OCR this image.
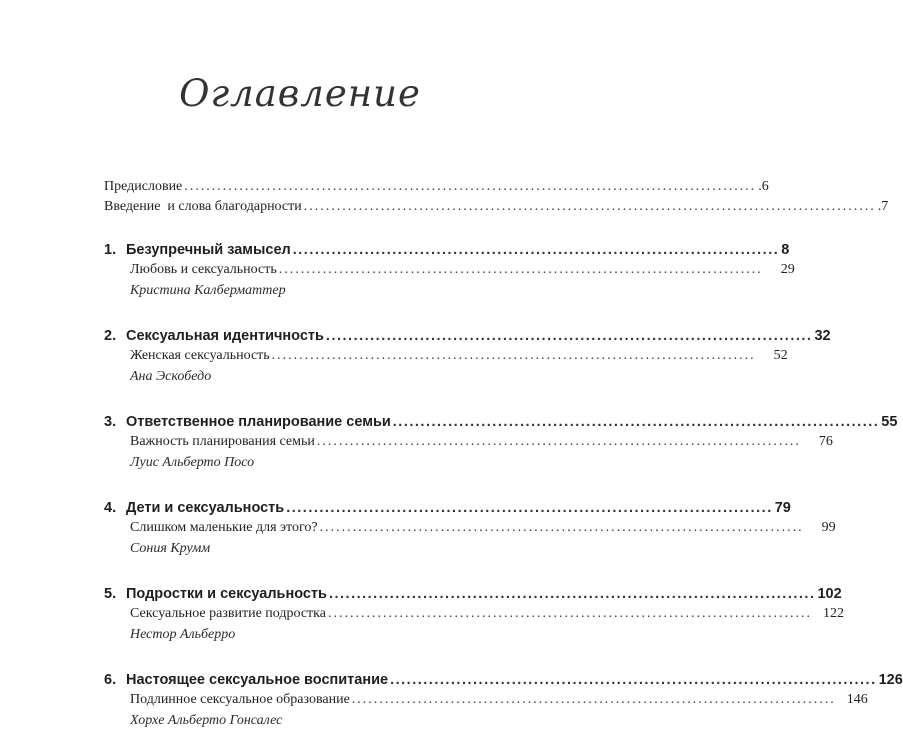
Оглавление
Предисловие ........................................................................................................ .6
Введение  и слова благодарности ........................................................................................................ .7
1. Безупречный замысел ........................................................................................ 8
Любовь и сексуальность ........................................................................................	29
Кристина Калберматтер
2. Сексуальная идентичность ........................................................................................ 32
Женская сексуальность ........................................................................................	52
Ана Эскобедо
3. Ответственное планирование семьи ........................................................................................ 55
Важность планирования семьи ........................................................................................	76
Луис Альберто Посо
4. Дети и сексуальность ........................................................................................ 79
Слишком маленькие для этого? ........................................................................................	99
Сония Крумм
5. Подростки и сексуальность ........................................................................................ 102
Сексуальное развитие подростка ........................................................................................ 122
Нестор Альберро
6. Настоящее сексуальное воспитание ........................................................................................ 126
Подлинное сексуальное образование ........................................................................................ 146
Хорхе Альберто Гонсалес
